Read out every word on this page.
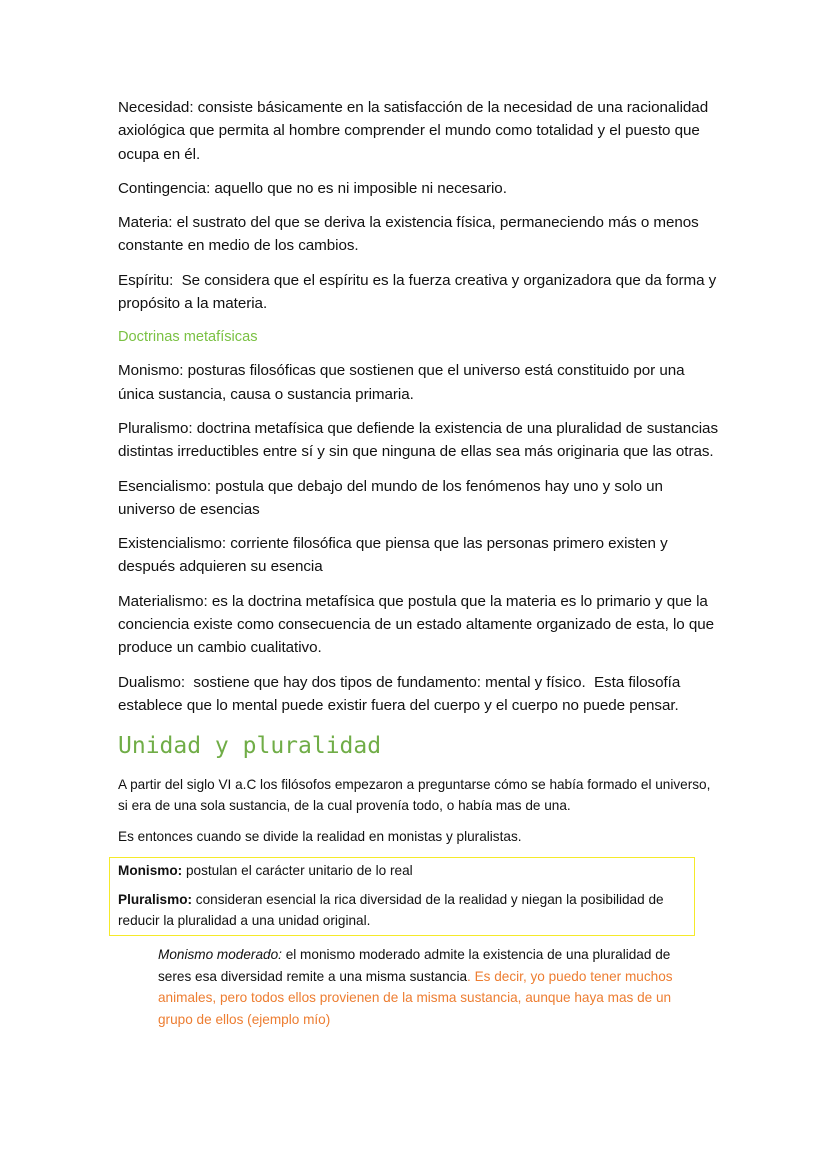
Necesidad: consiste básicamente en la satisfacción de la necesidad de una racionalidad axiológica que permita al hombre comprender el mundo como totalidad y el puesto que ocupa en él.

Contingencia: aquello que no es ni imposible ni necesario.

Materia: el sustrato del que se deriva la existencia física, permaneciendo más o menos constante en medio de los cambios.

Espíritu:  Se considera que el espíritu es la fuerza creativa y organizadora que da forma y propósito a la materia.

Doctrinas metafísicas

Monismo: posturas filosóficas que sostienen que el universo está constituido por una única sustancia, causa o sustancia primaria.

Pluralismo: doctrina metafísica que defiende la existencia de una pluralidad de sustancias distintas irreductibles entre sí y sin que ninguna de ellas sea más originaria que las otras.

Esencialismo: postula que debajo del mundo de los fenómenos hay uno y solo un universo de esencias

Existencialismo: corriente filosófica que piensa que las personas primero existen y después adquieren su esencia

Materialismo: es la doctrina metafísica que postula que la materia es lo primario y que la conciencia existe como consecuencia de un estado altamente organizado de esta, lo que produce un cambio cualitativo.

Dualismo:  sostiene que hay dos tipos de fundamento: mental y físico.  Esta filosofía establece que lo mental puede existir fuera del cuerpo y el cuerpo no puede pensar.

Unidad y pluralidad

A partir del siglo VI a.C los filósofos empezaron a preguntarse cómo se había formado el universo, si era de una sola sustancia, de la cual provenía todo, o había mas de una.

Es entonces cuando se divide la realidad en monistas y pluralistas.

Monismo: postulan el carácter unitario de lo real

Pluralismo: consideran esencial la rica diversidad de la realidad y niegan la posibilidad de reducir la pluralidad a una unidad original.

Monismo moderado: el monismo moderado admite la existencia de una pluralidad de seres esa diversidad remite a una misma sustancia. Es decir, yo puedo tener muchos animales, pero todos ellos provienen de la misma sustancia, aunque haya mas de un grupo de ellos (ejemplo mío)
